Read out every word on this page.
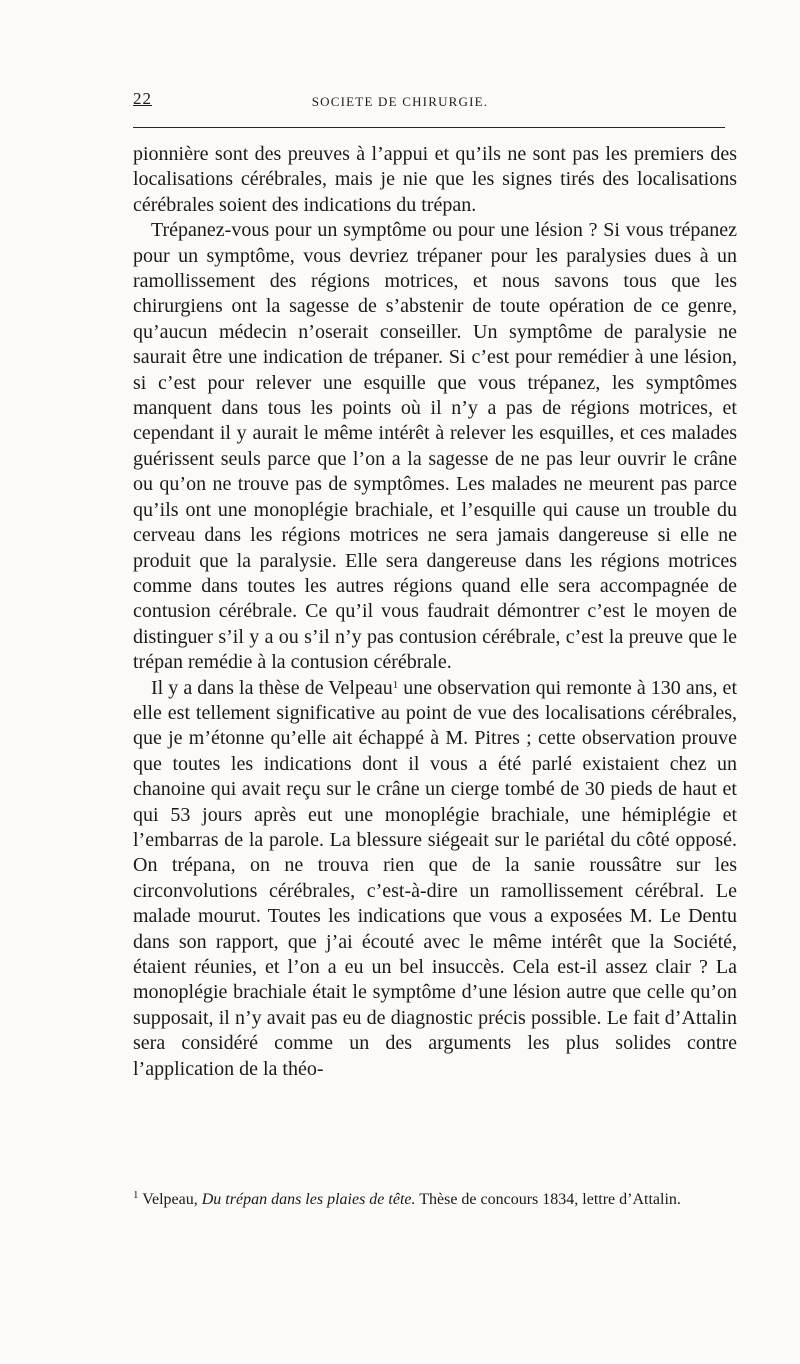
22	SOCIETE DE CHIRURGIE.

pionnière sont des preuves à l’appui et qu’ils ne sont pas les premiers des localisations cérébrales, mais je nie que les signes tirés des localisations cérébrales soient des indications du trépan.

Trépanez-vous pour un symptôme ou pour une lésion ? Si vous trépanez pour un symptôme, vous devriez trépaner pour les paralysies dues à un ramollissement des régions motrices, et nous savons tous que les chirurgiens ont la sagesse de s’abstenir de toute opération de ce genre, qu’aucun médecin n’oserait conseiller. Un symptôme de paralysie ne saurait être une indication de trépaner. Si c’est pour remédier à une lésion, si c’est pour relever une esquille que vous trépanez, les symptômes manquent dans tous les points où il n’y a pas de régions motrices, et cependant il y aurait le même intérêt à relever les esquilles, et ces malades guérissent seuls parce que l’on a la sagesse de ne pas leur ouvrir le crâne ou qu’on ne trouve pas de symptômes. Les malades ne meurent pas parce qu’ils ont une monoplégie brachiale, et l’esquille qui cause un trouble du cerveau dans les régions motrices ne sera jamais dangereuse si elle ne produit que la paralysie. Elle sera dangereuse dans les régions motrices comme dans toutes les autres régions quand elle sera accompagnée de contusion cérébrale. Ce qu’il vous faudrait démontrer c’est le moyen de distinguer s’il y a ou s’il n’y pas contusion cérébrale, c’est la preuve que le trépan remédie à la contusion cérébrale.

Il y a dans la thèse de Velpeau$^1$ une observation qui remonte à 130 ans, et elle est tellement significative au point de vue des localisations cérébrales, que je m’étonne qu’elle ait échappé à M. Pitres ; cette observation prouve que toutes les indications dont il vous a été parlé existaient chez un chanoine qui avait reçu sur le crâne un cierge tombé de 30 pieds de haut et qui 53 jours après eut une monoplégie brachiale, une hémiplégie et l’embarras de la parole. La blessure siégeait sur le pariétal du côté opposé. On trépana, on ne trouva rien que de la sanie roussâtre sur les circonvolutions cérébrales, c’est-à-dire un ramollissement cérébral. Le malade mourut. Toutes les indications que vous a exposées M. Le Dentu dans son rapport, que j’ai écouté avec le même intérêt que la Société, étaient réunies, et l’on a eu un bel insuccès. Cela est-il assez clair ? La monoplégie brachiale était le symptôme d’une lésion autre que celle qu’on supposait, il n’y avait pas eu de diagnostic précis possible. Le fait d’Attalin sera considéré comme un des arguments les plus solides contre l’application de la théo-

$^1$ Velpeau, Du trépan dans les plaies de tête. Thèse de concours 1834, lettre d’Attalin.
